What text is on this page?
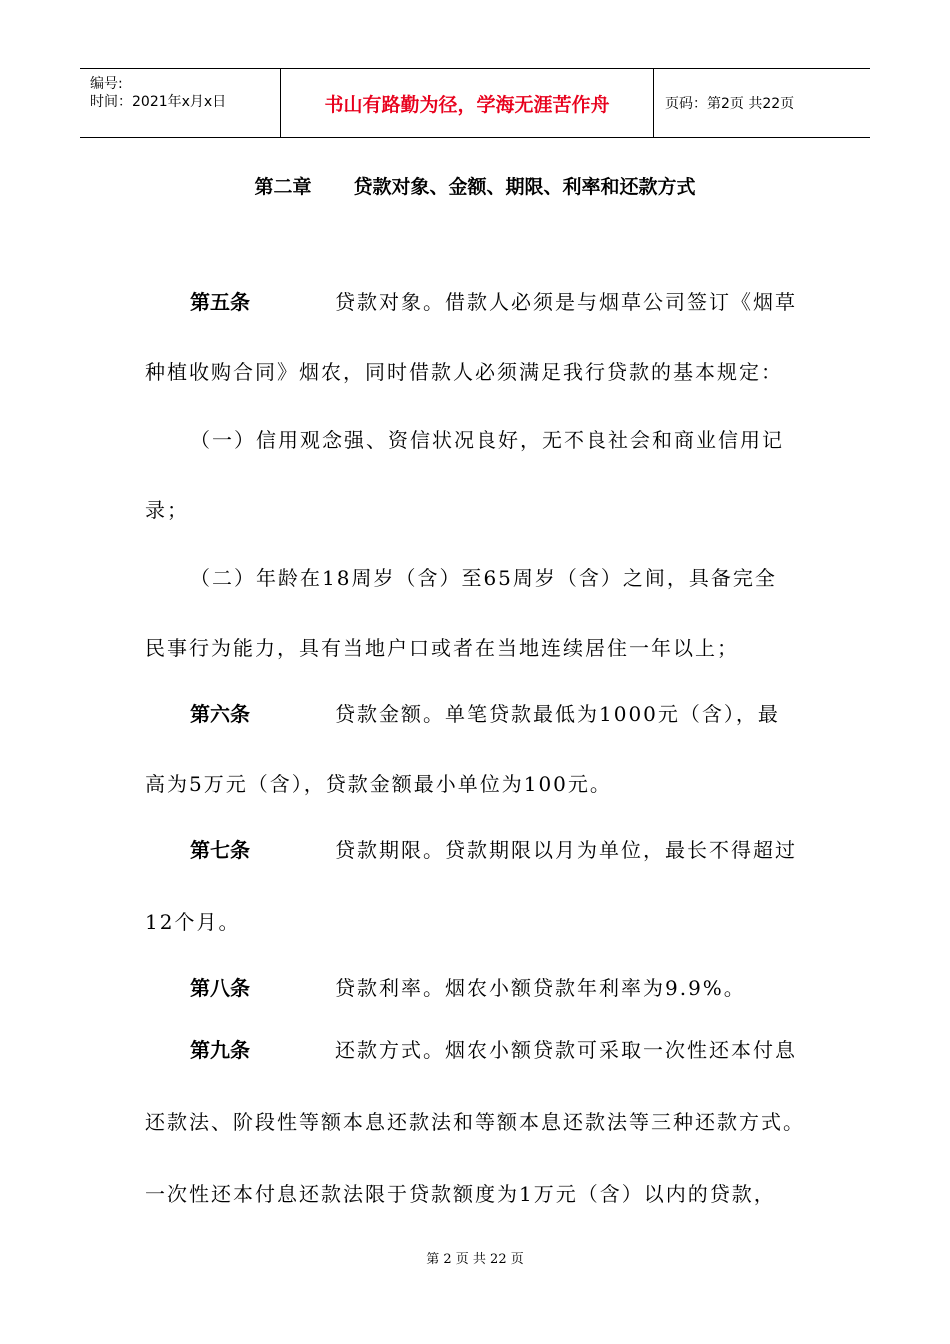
编号:
时间：2021年x月x日	书山有路勤为径，学海无涯苦作舟	页码：第2页 共22页
第二章 贷款对象、金额、期限、利率和还款方式
第五条	贷款对象。借款人必须是与烟草公司签订《烟草
种植收购合同》烟农，同时借款人必须满足我行贷款的基本规定：
（一）信用观念强、资信状况良好，无不良社会和商业信用记
录；
（二）年龄在18周岁（含）至65周岁（含）之间，具备完全
民事行为能力，具有当地户口或者在当地连续居住一年以上；
第六条	贷款金额。单笔贷款最低为1000元（含），最
高为5万元（含），贷款金额最小单位为100元。
第七条	贷款期限。贷款期限以月为单位，最长不得超过
12个月。
第八条	贷款利率。烟农小额贷款年利率为9.9%。
第九条	还款方式。烟农小额贷款可采取一次性还本付息
还款法、阶段性等额本息还款法和等额本息还款法等三种还款方式。
一次性还本付息还款法限于贷款额度为1万元（含）以内的贷款，
第 2 页 共 22 页
